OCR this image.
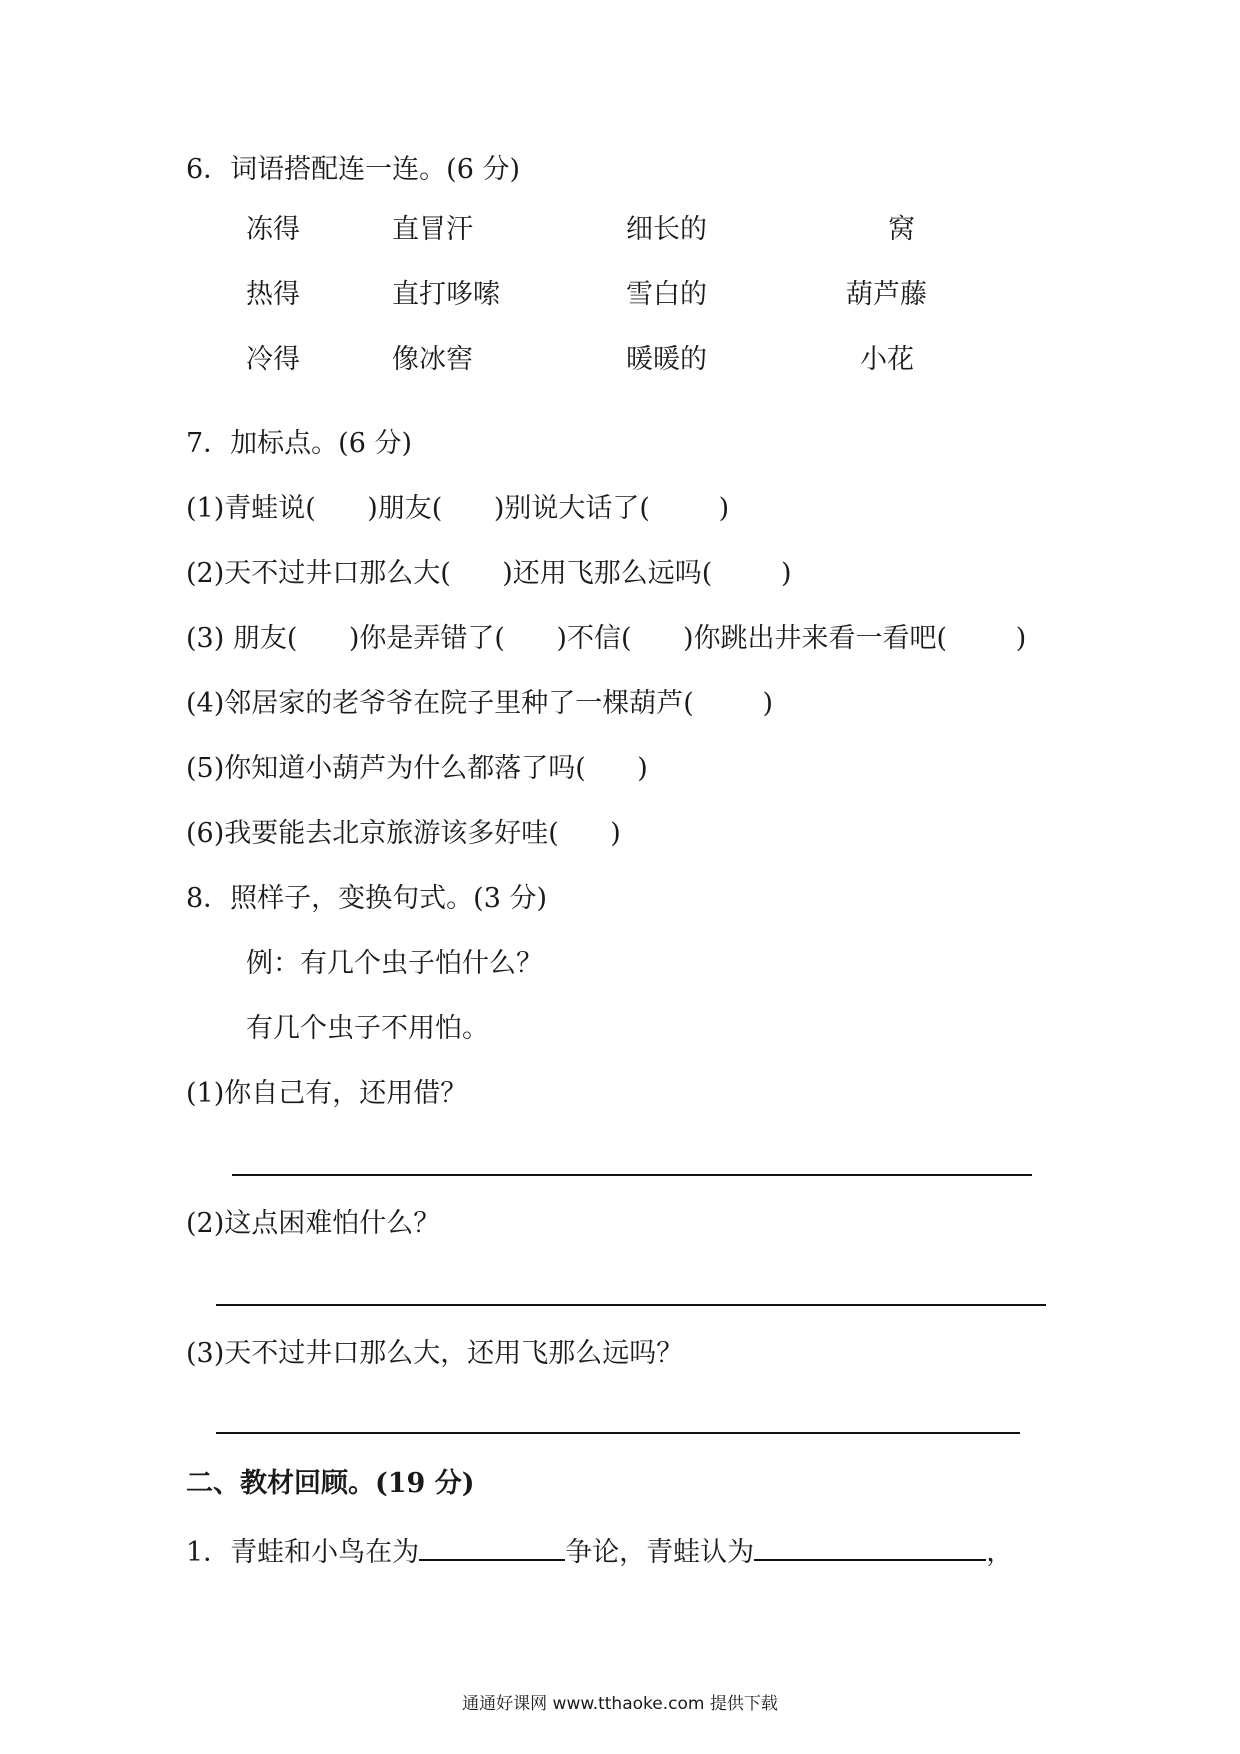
6．词语搭配连一连。(6 分)
冻得	直冒汗	细长的	窝
热得	直打哆嗦	雪白的	葫芦藤
冷得	像冰窖	暖暖的	小花
7．加标点。(6 分)
(1)青蛙说(      )朋友(      )别说大话了(        )
(2)天不过井口那么大(      )还用飞那么远吗(        )
(3) 朋友(      )你是弄错了(      )不信(      )你跳出井来看一看吧(        )
(4)邻居家的老爷爷在院子里种了一棵葫芦(        )
(5)你知道小葫芦为什么都落了吗(      )
(6)我要能去北京旅游该多好哇(      )
8．照样子，变换句式。(3 分)
例：有几个虫子怕什么？
有几个虫子不用怕。
(1)你自己有，还用借？
(2)这点困难怕什么？
(3)天不过井口那么大，还用飞那么远吗？
二、教材回顾。(19 分)
1．青蛙和小鸟在为	争论，青蛙认为	，
通通好课网 www.tthaoke.com 提供下载
